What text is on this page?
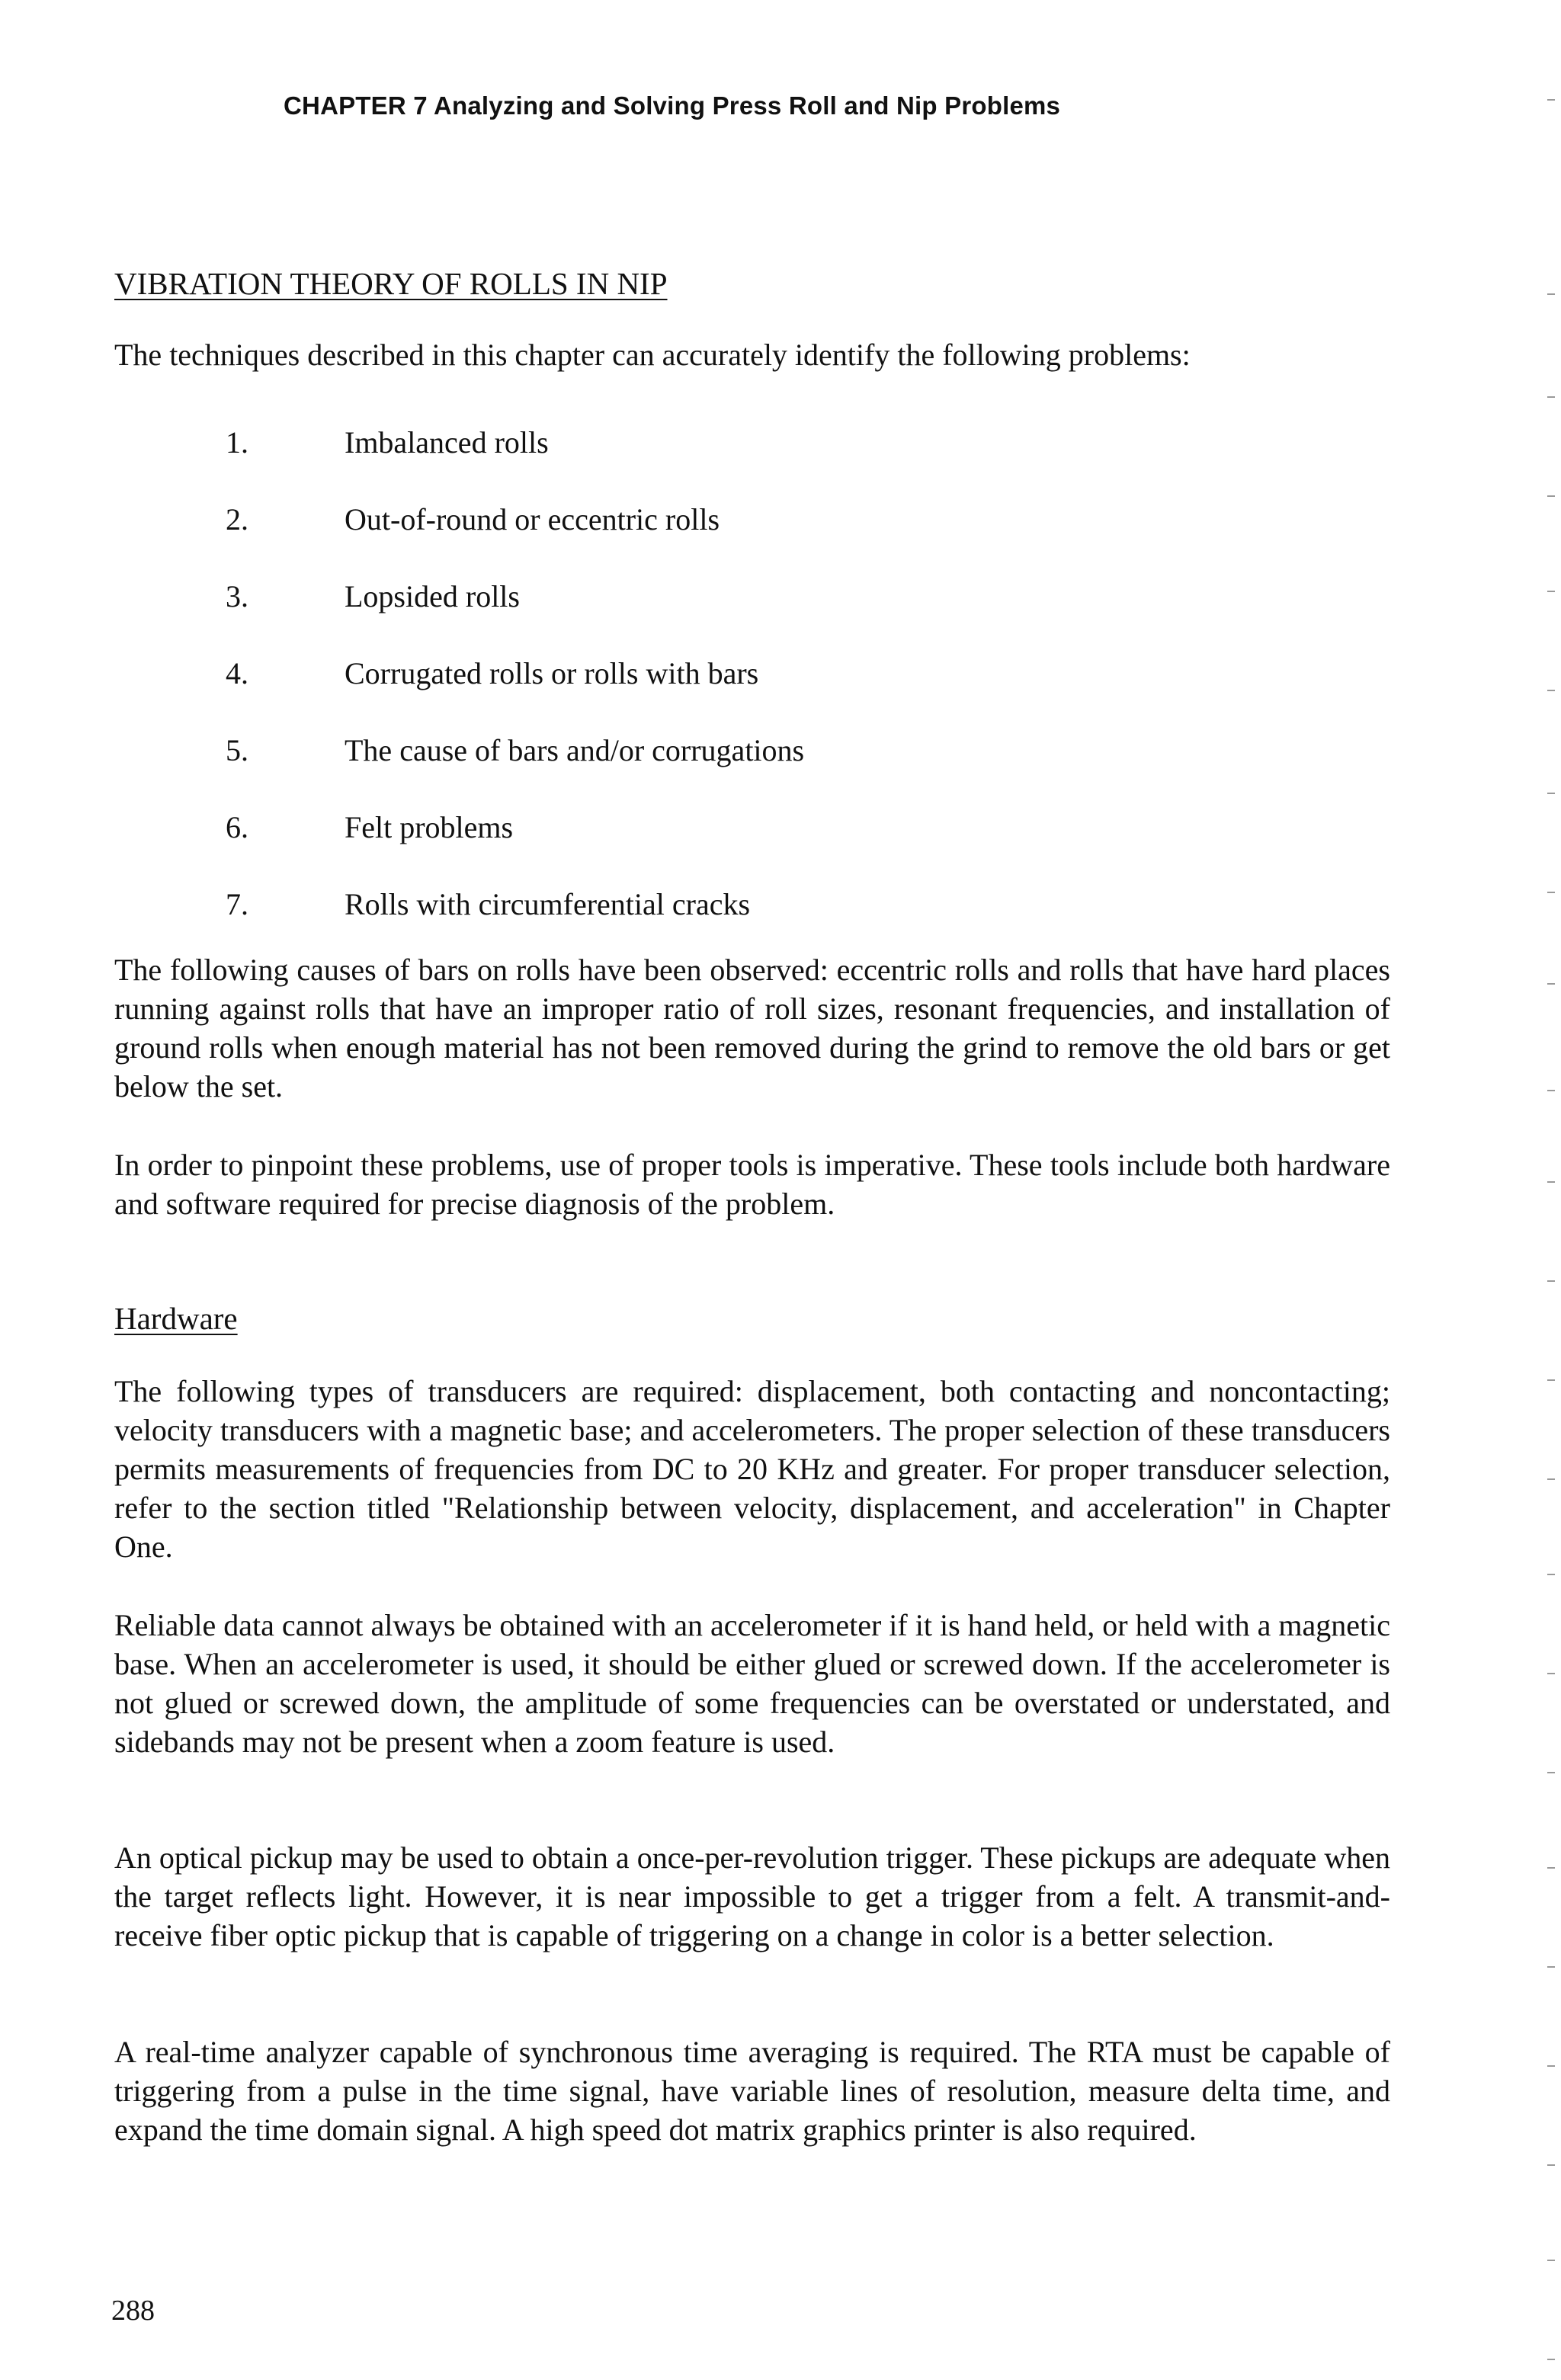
CHAPTER 7 Analyzing and Solving Press Roll and Nip Problems
VIBRATION THEORY OF ROLLS IN NIP
The techniques described in this chapter can accurately identify the following problems:
1.	Imbalanced rolls
2.	Out-of-round or eccentric rolls
3.	Lopsided rolls
4.	Corrugated rolls or rolls with bars
5.	The cause of bars and/or corrugations
6.	Felt problems
7.	Rolls with circumferential cracks
The following causes of bars on rolls have been observed: eccentric rolls and rolls that have hard places running against rolls that have an improper ratio of roll sizes, resonant frequencies, and installation of ground rolls when enough material has not been removed during the grind to remove the old bars or get below the set.
In order to pinpoint these problems, use of proper tools is imperative. These tools include both hardware and software required for precise diagnosis of the problem.
Hardware
The following types of transducers are required: displacement, both contacting and noncontacting; velocity transducers with a magnetic base; and accelerometers. The proper selection of these transducers permits measurements of frequencies from DC to 20 KHz and greater. For proper transducer selection, refer to the section titled "Relationship between velocity, displacement, and acceleration" in Chapter One.
Reliable data cannot always be obtained with an accelerometer if it is hand held, or held with a magnetic base. When an accelerometer is used, it should be either glued or screwed down. If the accelerometer is not glued or screwed down, the amplitude of some frequencies can be overstated or understated, and sidebands may not be present when a zoom feature is used.
An optical pickup may be used to obtain a once-per-revolution trigger. These pickups are adequate when the target reflects light. However, it is near impossible to get a trigger from a felt. A transmit-and-receive fiber optic pickup that is capable of triggering on a change in color is a better selection.
A real-time analyzer capable of synchronous time averaging is required. The RTA must be capable of triggering from a pulse in the time signal, have variable lines of resolution, measure delta time, and expand the time domain signal. A high speed dot matrix graphics printer is also required.
288
